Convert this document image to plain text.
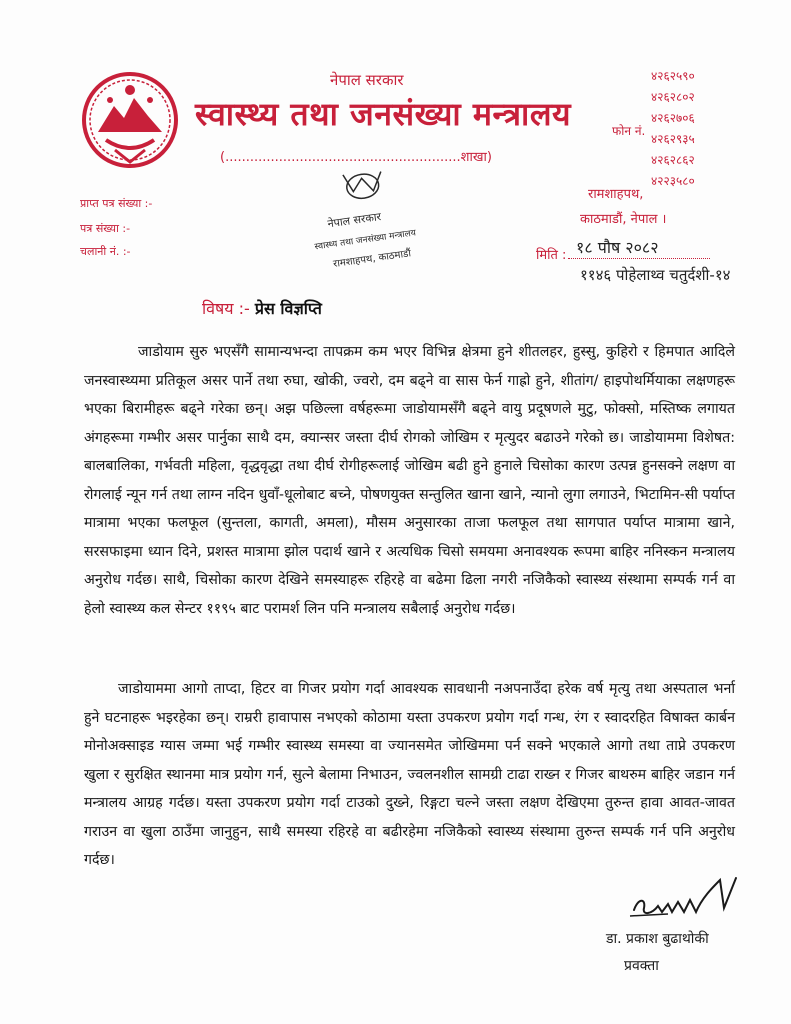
नेपाल सरकार
स्वास्थ्य तथा जनसंख्या मन्त्रालय
(.........................................................शाखा)
फोन नं.
४२६२५९०
४२६२८०२
४२६२७०६
४२६२९३५
४२६२८६२
४२२३५८०
रामशाहपथ,
काठमाडौं, नेपाल ।
नेपाल सरकार
स्वास्थ्य तथा जनसंख्या मन्त्रालय
रामशाहपथ, काठमाडौं
प्राप्त पत्र संख्या :-
पत्र संख्या :-
चलानी नं. :-	मिति : १८ पौष २०८२
११४६ पोहेलाथ्व चतुर्दशी-१४
विषय :- प्रेस विज्ञप्ति

जाडोयाम सुरु भएसँगै सामान्यभन्दा तापक्रम कम भएर विभिन्न क्षेत्रमा हुने शीतलहर, हुस्सु, कुहिरो र हिमपात आदिले जनस्वास्थ्यमा प्रतिकूल असर पार्ने तथा रुघा, खोकी, ज्वरो, दम बढ्ने वा सास फेर्न गाह्रो हुने, शीतांग/ हाइपोथर्मियाका लक्षणहरू भएका बिरामीहरू बढ्ने गरेका छन्। अझ पछिल्ला वर्षहरूमा जाडोयामसँगै बढ्ने वायु प्रदूषणले मुटु, फोक्सो, मस्तिष्क लगायत अंगहरूमा गम्भीर असर पार्नुका साथै दम, क्यान्सर जस्ता दीर्घ रोगको जोखिम र मृत्युदर बढाउने गरेको छ। जाडोयाममा विशेषत: बालबालिका, गर्भवती महिला, वृद्धवृद्धा तथा दीर्घ रोगीहरूलाई जोखिम बढी हुने हुनाले चिसोका कारण उत्पन्न हुनसक्ने लक्षण वा रोगलाई न्यून गर्न तथा लाग्न नदिन धुवाँ-धूलोबाट बच्ने, पोषणयुक्त सन्तुलित खाना खाने, न्यानो लुगा लगाउने, भिटामिन-सी पर्याप्त मात्रामा भएका फलफूल (सुन्तला, कागती, अमला), मौसम अनुसारका ताजा फलफूल तथा सागपात पर्याप्त मात्रामा खाने, सरसफाइमा ध्यान दिने, प्रशस्त मात्रामा झोल पदार्थ खाने र अत्यधिक चिसो समयमा अनावश्यक रूपमा बाहिर ननिस्कन मन्त्रालय अनुरोध गर्दछ। साथै, चिसोका कारण देखिने समस्याहरू रहिरहे वा बढेमा ढिला नगरी नजिकैको स्वास्थ्य संस्थामा सम्पर्क गर्न वा हेलो स्वास्थ्य कल सेन्टर ११९५ बाट परामर्श लिन पनि मन्त्रालय सबैलाई अनुरोध गर्दछ।

जाडोयाममा आगो ताप्दा, हिटर वा गिजर प्रयोग गर्दा आवश्यक सावधानी नअपनाउँदा हरेक वर्ष मृत्यु तथा अस्पताल भर्ना हुने घटनाहरू भइरहेका छन्। राम्ररी हावापास नभएको कोठामा यस्ता उपकरण प्रयोग गर्दा गन्ध, रंग र स्वादरहित विषाक्त कार्बन मोनोअक्साइड ग्यास जम्मा भई गम्भीर स्वास्थ्य समस्या वा ज्यानसमेत जोखिममा पर्न सक्ने भएकाले आगो तथा ताप्ने उपकरण खुला र सुरक्षित स्थानमा मात्र प्रयोग गर्न, सुत्ने बेलामा निभाउन, ज्वलनशील सामग्री टाढा राख्न र गिजर बाथरुम बाहिर जडान गर्न मन्त्रालय आग्रह गर्दछ। यस्ता उपकरण प्रयोग गर्दा टाउको दुख्ने, रिङ्गटा चल्ने जस्ता लक्षण देखिएमा तुरुन्त हावा आवत-जावत गराउन वा खुला ठाउँमा जानुहुन, साथै समस्या रहिरहे वा बढीरहेमा नजिकैको स्वास्थ्य संस्थामा तुरुन्त सम्पर्क गर्न पनि अनुरोध गर्दछ।

डा. प्रकाश बुढाथोकी
प्रवक्ता
